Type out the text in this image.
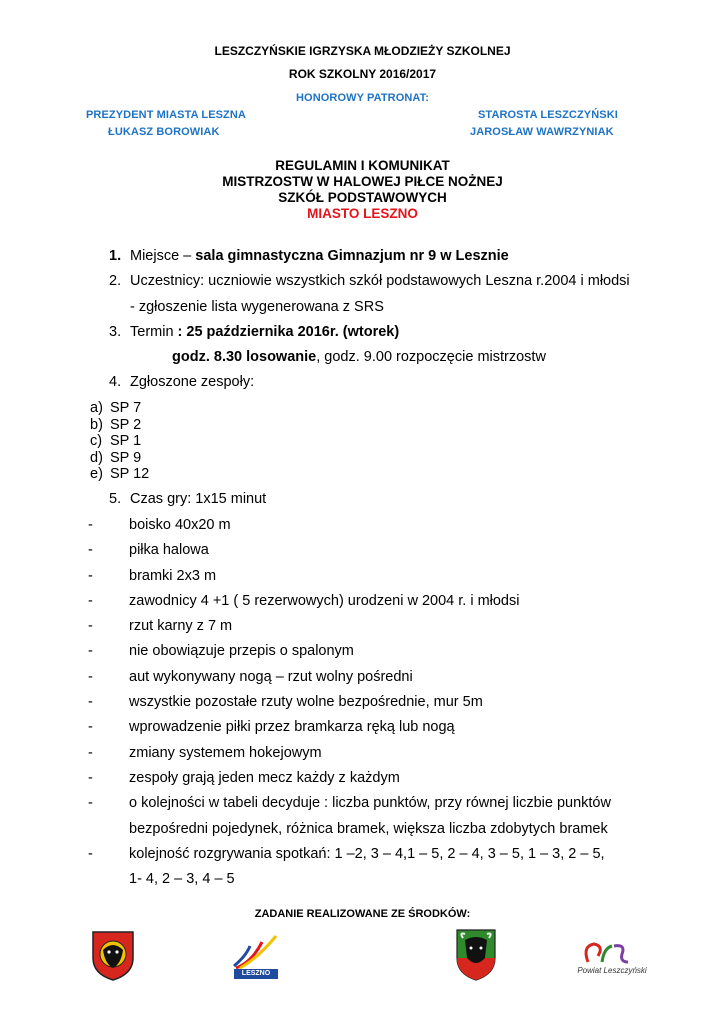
LESZCZYŃSKIE IGRZYSKA MŁODZIEŻY SZKOLNEJ
ROK SZKOLNY 2016/2017
HONOROWY PATRONAT:
PREZYDENT MIASTA LESZNA
ŁUKASZ BOROWIAK
STAROSTA LESZCZYŃSKI
JAROSŁAW WAWRZYNIAK
REGULAMIN I KOMUNIKAT
MISTRZOSTW W HALOWEJ PIŁCE NOŻNEJ
SZKÓŁ PODSTAWOWYCH
MIASTO LESZNO
1. Miejsce – sala gimnastyczna Gimnazjum nr 9 w Lesznie
2. Uczestnicy: uczniowie wszystkich szkół podstawowych Leszna r.2004 i młodsi
- zgłoszenie lista wygenerowana z SRS
3. Termin : 25 października 2016r. (wtorek)
godz. 8.30 losowanie, godz. 9.00 rozpoczęcie mistrzostw
4. Zgłoszone zespoły:
a) SP 7
b) SP 2
c) SP 1
d) SP 9
e) SP 12
5. Czas gry: 1x15 minut
- boisko 40x20 m
- piłka halowa
- bramki 2x3 m
- zawodnicy 4 +1 ( 5 rezerwowych) urodzeni w 2004 r. i młodsi
- rzut karny z 7 m
- nie obowiązuje przepis o spalonym
- aut wykonywany nogą – rzut wolny pośredni
- wszystkie pozostałe rzuty wolne bezpośrednie, mur 5m
- wprowadzenie piłki przez bramkarza ręką lub nogą
- zmiany systemem hokejowym
- zespoły grają jeden mecz każdy z każdym
- o kolejności w tabeli decyduje : liczba punktów, przy równej liczbie punktów
bezpośredni pojedynek, różnica bramek, większa liczba zdobytych bramek
- kolejność rozgrywania spotkań: 1 –2, 3 – 4,1 – 5, 2 – 4, 3 – 5, 1 – 3, 2 – 5,
1- 4, 2 – 3, 4 – 5
ZADANIE REALIZOWANE ZE ŚRODKÓW:
LESZNO	Powiat Leszczyński
